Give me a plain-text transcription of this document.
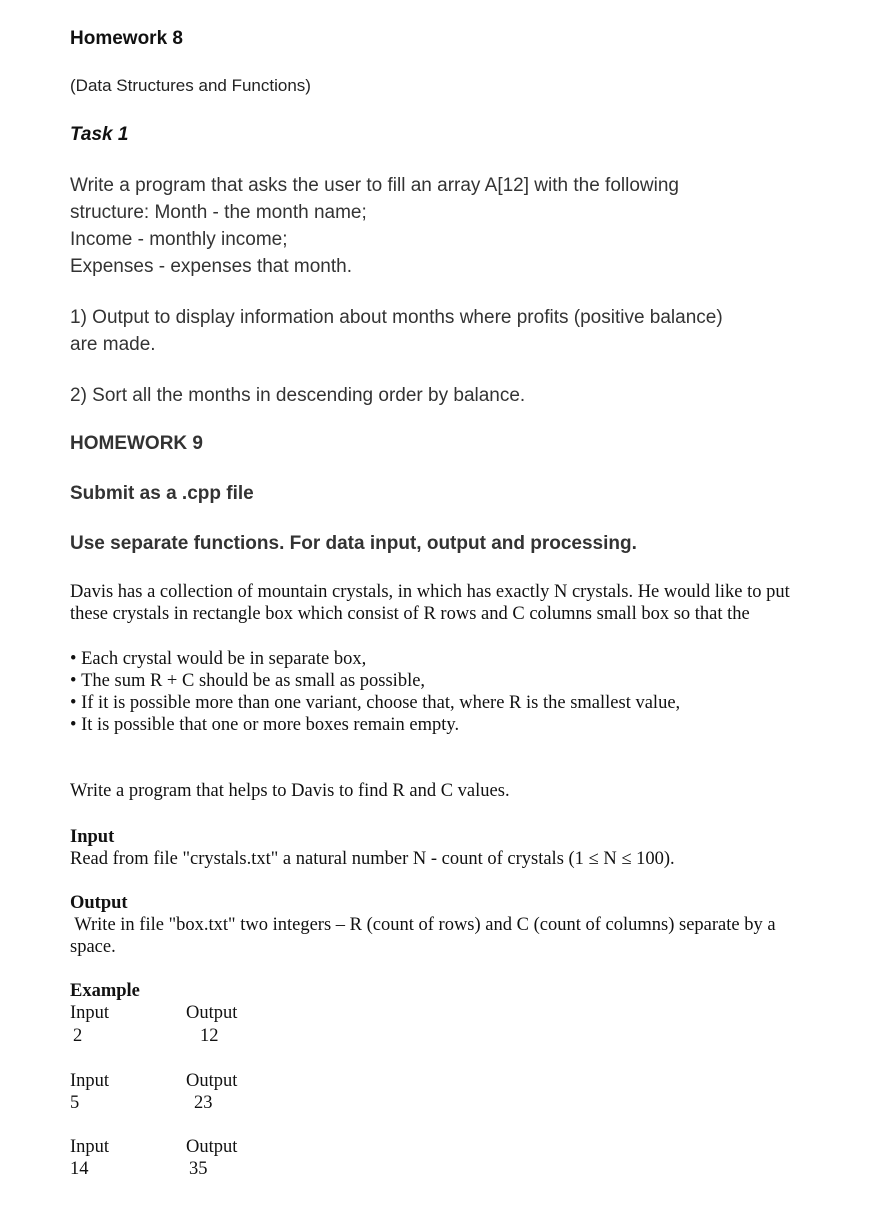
Homework 8
(Data Structures and Functions)
Task 1
Write a program that asks the user to fill an array A[12] with the following
structure: Month - the month name;
Income - monthly income;
Expenses - expenses that month.
1) Output to display information about months where profits (positive balance)
are made.
2) Sort all the months in descending order by balance.
HOMEWORK 9
Submit as a .cpp file
Use separate functions. For data input, output and processing.
Davis has a collection of mountain crystals, in which has exactly N crystals. He would like to put
these crystals in rectangle box which consist of R rows and C columns small box so that the
• Each crystal would be in separate box,
• The sum R + C should be as small as possible,
• If it is possible more than one variant, choose that, where R is the smallest value,
• It is possible that one or more boxes remain empty.
Write a program that helps to Davis to find R and C values.
Input
Read from file "crystals.txt" a natural number N - count of crystals (1 ≤ N ≤ 100).
Output
Write in file "box.txt" two integers – R (count of rows) and C (count of columns) separate by a
space.
Example
Input	Output
2	12
Input	Output
5	23
Input	Output
14	35
